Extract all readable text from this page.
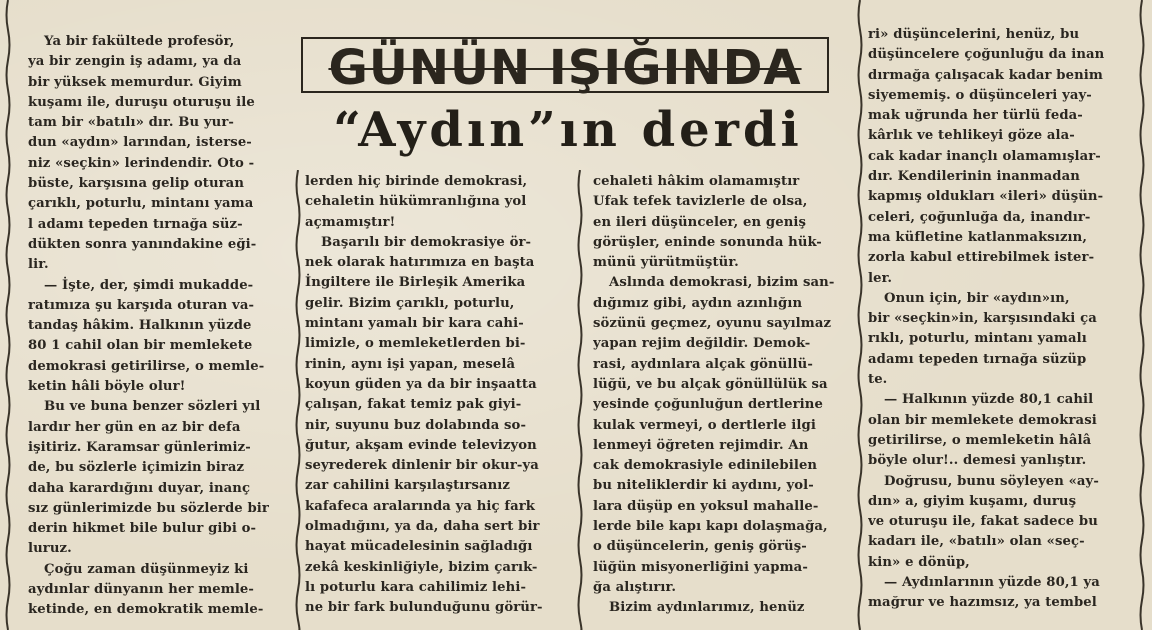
GÜNÜN IŞIĞINDA
“Aydın”ın derdi
Ya bir fakültede profesör,
ya bir zengin iş adamı, ya da
bir yüksek memurdur. Giyim
kuşamı ile, duruşu oturuşu ile
tam bir «batılı» dır. Bu yur-
dun «aydın» larından, isterse-
niz «seçkin» lerindendir. Oto -
büste, karşısına gelip oturan
çarıklı, poturlu, mintanı yama
l adamı tepeden tırnağa süz-
dükten sonra yanındakine eği-
lir.
— İşte, der, şimdi mukadde-
ratımıza şu karşıda oturan va-
tandaş hâkim. Halkının yüzde
80 1 cahil olan bir memlekete
demokrasi getirilirse, o memle-
ketin hâli böyle olur!
Bu ve buna benzer sözleri yıl
lardır her gün en az bir defa
işitiriz. Karamsar günlerimiz-
de, bu sözlerle içimizin biraz
daha karardığını duyar, inanç
sız günlerimizde bu sözlerde bir
derin hikmet bile bulur gibi o-
luruz.
Çoğu zaman düşünmeyiz ki
aydınlar dünyanın her memle-
ketinde, en demokratik memle-
lerden hiç birinde demokrasi,
cehaletin hükümranlığına yol
açmamıştır!
Başarılı bir demokrasiye ör-
nek olarak hatırımıza en başta
İngiltere ile Birleşik Amerika
gelir. Bizim çarıklı, poturlu,
mintanı yamalı bir kara cahi-
limizle, o memleketlerden bi-
rinin, aynı işi yapan, meselâ
koyun güden ya da bir inşaatta
çalışan, fakat temiz pak giyi-
nir, suyunu buz dolabında so-
ğutur, akşam evinde televizyon
seyrederek dinlenir bir okur-ya
zar cahilini karşılaştırsanız
kafafeca aralarında ya hiç fark
olmadığını, ya da, daha sert bir
hayat mücadelesinin sağladığı
zekâ keskinliğiyle, bizim çarık-
lı poturlu kara cahilimiz lehi-
ne bir fark bulunduğunu görür-
cehaleti hâkim olamamıştır
Ufak tefek tavizlerle de olsa,
en ileri düşünceler, en geniş
görüşler, eninde sonunda hük-
münü yürütmüştür.
Aslında demokrasi, bizim san-
dığımız gibi, aydın azınlığın
sözünü geçmez, oyunu sayılmaz
yapan rejim değildir. Demok-
rasi, aydınlara alçak gönüllü-
lüğü, ve bu alçak gönüllülük sa
yesinde çoğunluğun dertlerine
kulak vermeyi, o dertlerle ilgi
lenmeyi öğreten rejimdir. An
cak demokrasiyle edinilebilen
bu niteliklerdir ki aydını, yol-
lara düşüp en yoksul mahalle-
lerde bile kapı kapı dolaşmağa,
o düşüncelerin, geniş görüş-
lüğün misyonerliğini yapma-
ğa alıştırır.
Bizim aydınlarımız, henüz
ri» düşüncelerini, henüz, bu
düşüncelere çoğunluğu da inan
dırmağa çalışacak kadar benim
siyememiş. o düşünceleri yay-
mak uğrunda her türlü feda-
kârlık ve tehlikeyi göze ala-
cak kadar inançlı olamamışlar-
dır. Kendilerinin inanmadan
kapmış oldukları «ileri» düşün-
celeri, çoğunluğa da, inandır-
ma küfletine katlanmaksızın,
zorla kabul ettirebilmek ister-
ler.
Onun için, bir «aydın»ın,
bir «seçkin»in, karşısındaki ça
rıklı, poturlu, mintanı yamalı
adamı tepeden tırnağa süzüp
te.
— Halkının yüzde 80,1 cahil
olan bir memlekete demokrasi
getirilirse, o memleketin hâlâ
böyle olur!.. demesi yanlıştır.
Doğrusu, bunu söyleyen «ay-
dın» a, giyim kuşamı, duruş
ve oturuşu ile, fakat sadece bu
kadarı ile, «batılı» olan «seç-
kin» e dönüp,
— Aydınlarının yüzde 80,1 ya
mağrur ve hazımsız, ya tembel
